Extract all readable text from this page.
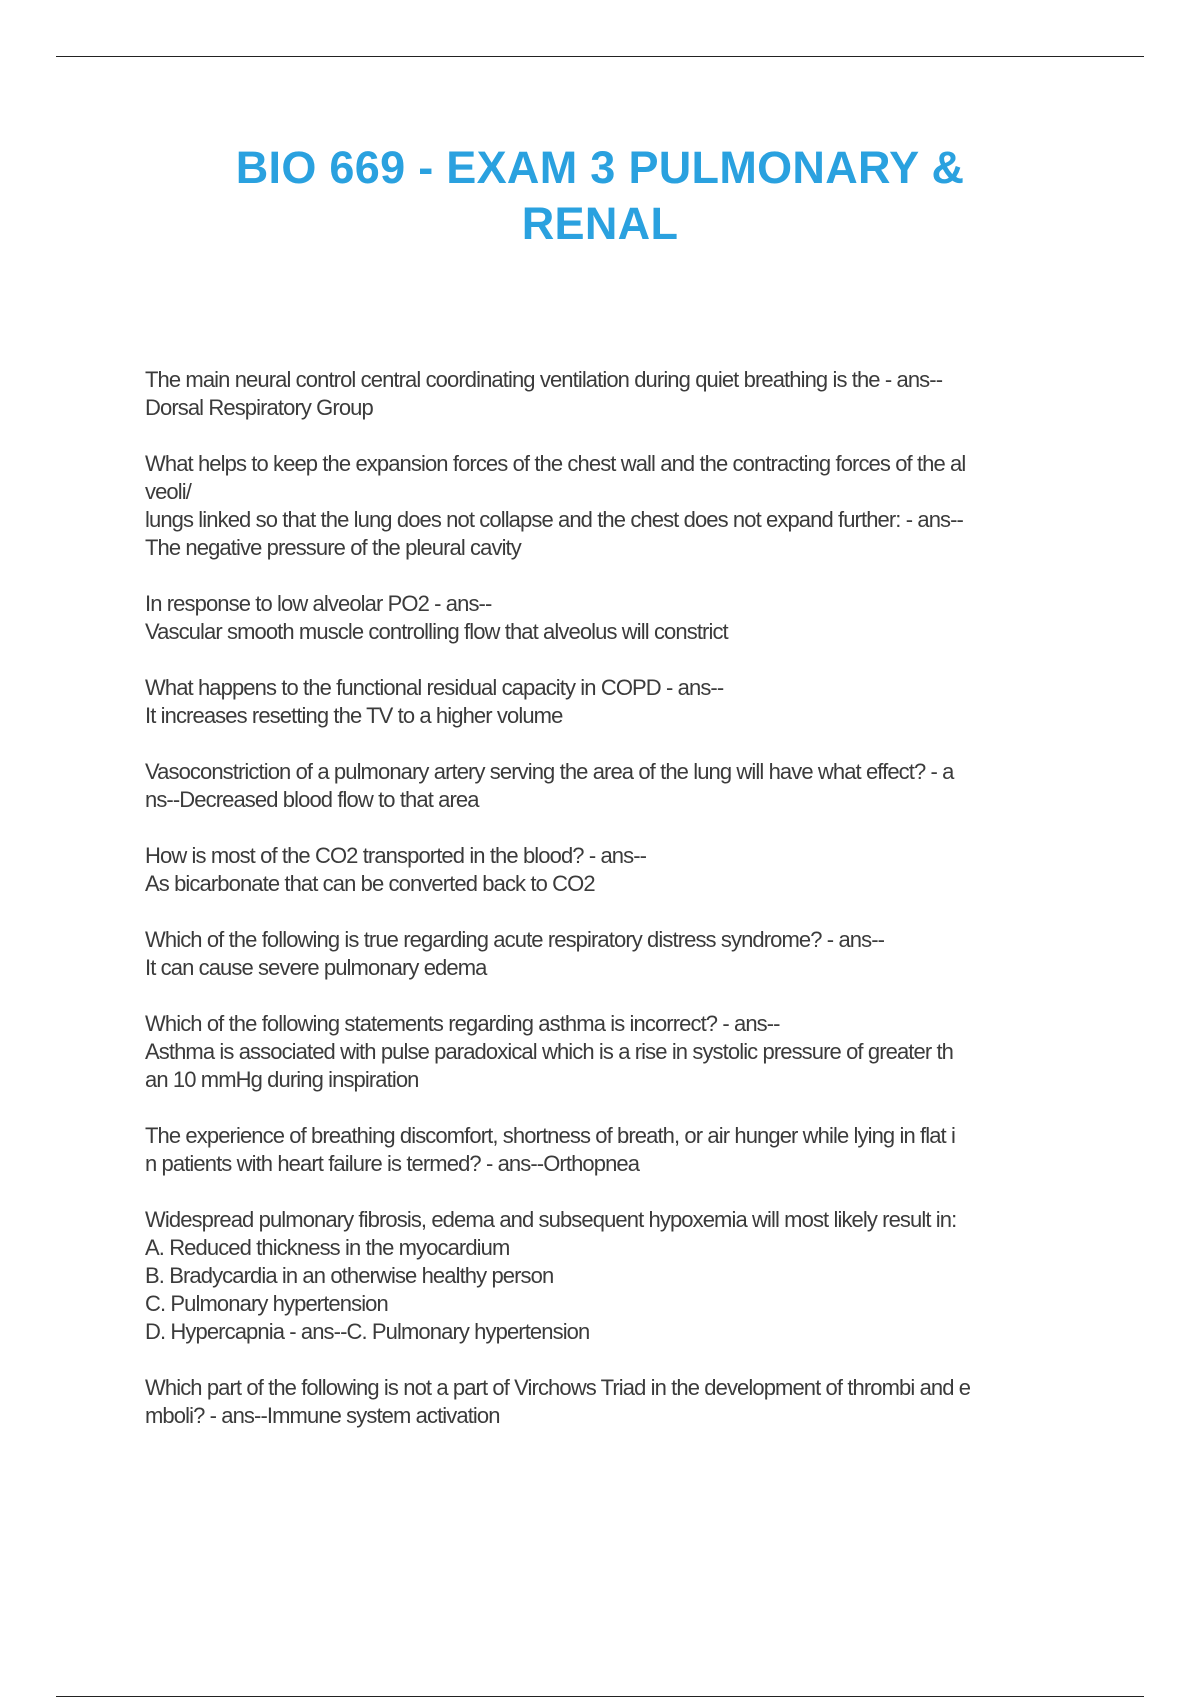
BIO 669 - EXAM 3 PULMONARY &
RENAL
The main neural control central coordinating ventilation during quiet breathing is the - ans--
Dorsal Respiratory Group
What helps to keep the expansion forces of the chest wall and the contracting forces of the al
veoli/
lungs linked so that the lung does not collapse and the chest does not expand further: - ans--
The negative pressure of the pleural cavity
In response to low alveolar PO2 - ans--
Vascular smooth muscle controlling flow that alveolus will constrict
What happens to the functional residual capacity in COPD - ans--
It increases resetting the TV to a higher volume
Vasoconstriction of a pulmonary artery serving the area of the lung will have what effect? - a
ns--Decreased blood flow to that area
How is most of the CO2 transported in the blood? - ans--
As bicarbonate that can be converted back to CO2
Which of the following is true regarding acute respiratory distress syndrome? - ans--
It can cause severe pulmonary edema
Which of the following statements regarding asthma is incorrect? - ans--
Asthma is associated with pulse paradoxical which is a rise in systolic pressure of greater th
an 10 mmHg during inspiration
The experience of breathing discomfort, shortness of breath, or air hunger while lying in flat i
n patients with heart failure is termed? - ans--Orthopnea
Widespread pulmonary fibrosis, edema and subsequent hypoxemia will most likely result in:
A. Reduced thickness in the myocardium
B. Bradycardia in an otherwise healthy person
C. Pulmonary hypertension
D. Hypercapnia - ans--C. Pulmonary hypertension
Which part of the following is not a part of Virchows Triad in the development of thrombi and e
mboli? - ans--Immune system activation
